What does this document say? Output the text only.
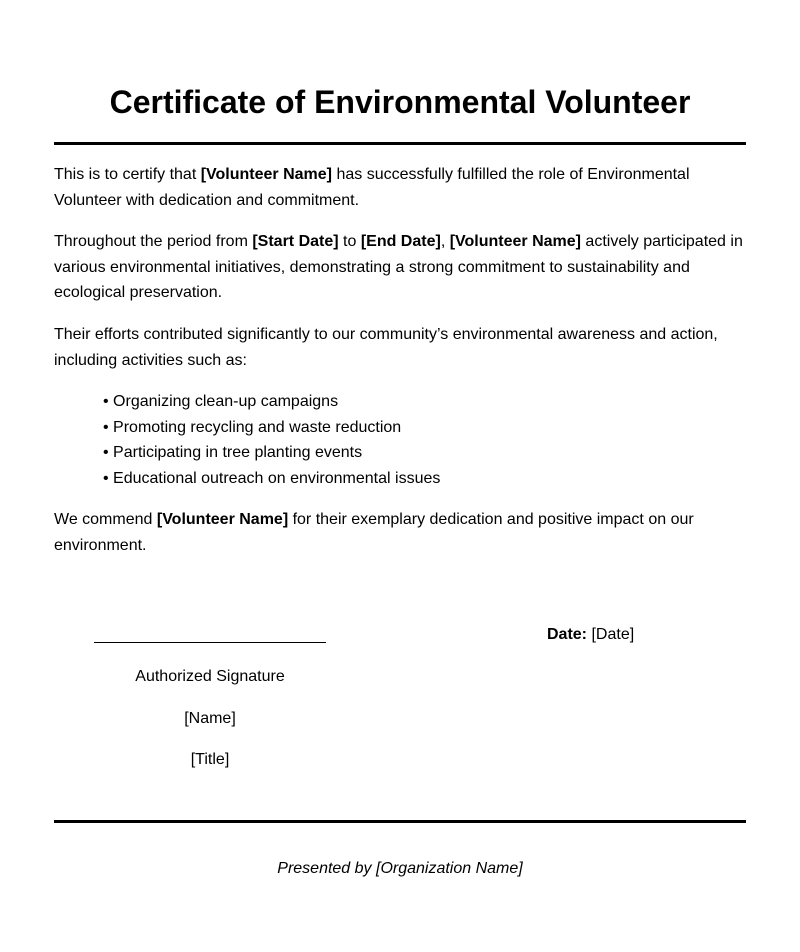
Certificate of Environmental Volunteer

This is to certify that [Volunteer Name] has successfully fulfilled the role of Environmental Volunteer with dedication and commitment.

Throughout the period from [Start Date] to [End Date], [Volunteer Name] actively participated in various environmental initiatives, demonstrating a strong commitment to sustainability and ecological preservation.

Their efforts contributed significantly to our community’s environmental awareness and action, including activities such as:

• Organizing clean-up campaigns
• Promoting recycling and waste reduction
• Participating in tree planting events
• Educational outreach on environmental issues

We commend [Volunteer Name] for their exemplary dedication and positive impact on our environment.

Authorized Signature
[Name]
[Title]
Date: [Date]
Presented by [Organization Name]
